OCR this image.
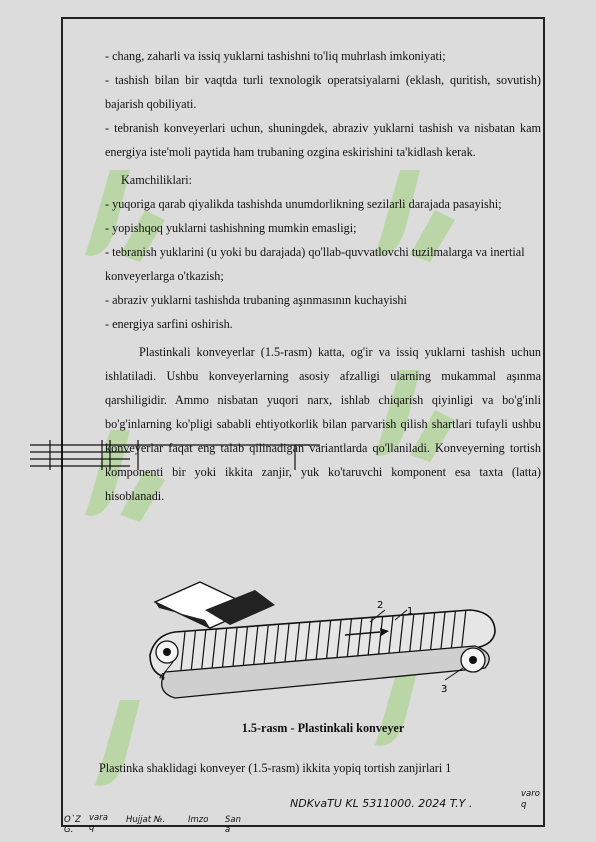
- chang, zaharli va issiq yuklarni tashishni to'liq muhrlash imkoniyati;

- tashish bilan bir vaqtda turli texnologik operatsiyalarni (eklash, quritish, sovutish) bajarish qobiliyati.

- tebranish konveyerlari uchun, shuningdek, abraziv yuklarni tashish va nisbatan kam energiya iste'moli paytida ham trubaning ozgina eskirishini ta'kidlash kerak.

Kamchiliklari:

- yuqoriga qarab qiyalikda tashishda unumdorlikning sezilarli darajada pasayishi;

- yopishqoq yuklarni tashishning mumkin emasligi;

- tebranish yuklarini (u yoki bu darajada) qo'llab-quvvatlovchi tuzilmalarga va inertial konveyerlarga o'tkazish;

- abraziv yuklarni tashishda trubaning aşınmasının kuchayishi

- energiya sarfini oshirish.

Plastinkali konveyerlar (1.5-rasm) katta, og'ir va issiq yuklarni tashish uchun ishlatiladi. Ushbu konveyerlarning asosiy afzalligi ularning mukammal aşınma qarshiligidir. Ammo nisbatan yuqori narx, ishlab chiqarish qiyinligi va bo'g'inli bo'g'inlarning ko'pligi sababli ehtiyotkorlik bilan parvarish qilish shartlari tufayli ushbu konveyerlar faqat eng talab qilinadigan variantlarda qo'llaniladi. Konveyerning tortish komponenti bir yoki ikkita zanjir, yuk ko'taruvchi komponent esa taxta (latta) hisoblanadi.

2
1
3
4
1.5-rasm - Plastinkali konveyer
Plastinka shaklidagi konveyer (1.5-rasm) ikkita yopiq tortish zanjirlari 1
NDKvaTU KL 5311000. 2024 T.Y .
varo q
O`Z G.
vara q
Hujjat №.	Imzo San a
